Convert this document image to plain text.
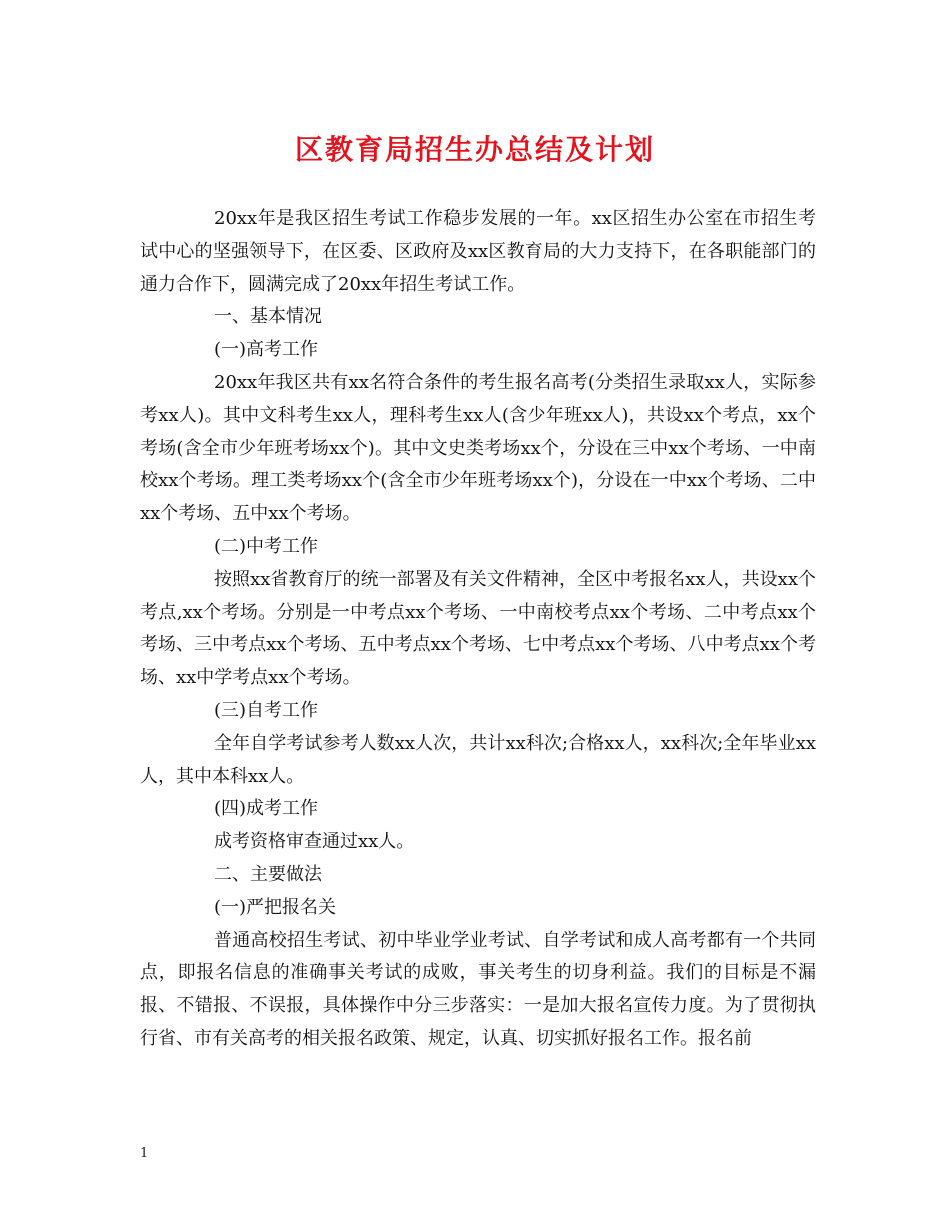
区教育局招生办总结及计划

20xx年是我区招生考试工作稳步发展的一年。xx区招生办公室在市招生考试中心的坚强领导下，在区委、区政府及xx区教育局的大力支持下，在各职能部门的通力合作下，圆满完成了20xx年招生考试工作。

一、基本情况

(一)高考工作

20xx年我区共有xx名符合条件的考生报名高考(分类招生录取xx人，实际参考xx人)。其中文科考生xx人，理科考生xx人(含少年班xx人)，共设xx个考点，xx个考场(含全市少年班考场xx个)。其中文史类考场xx个，分设在三中xx个考场、一中南校xx个考场。理工类考场xx个(含全市少年班考场xx个)，分设在一中xx个考场、二中xx个考场、五中xx个考场。

(二)中考工作

按照xx省教育厅的统一部署及有关文件精神，全区中考报名xx人，共设xx个考点,xx个考场。分别是一中考点xx个考场、一中南校考点xx个考场、二中考点xx个考场、三中考点xx个考场、五中考点xx个考场、七中考点xx个考场、八中考点xx个考场、xx中学考点xx个考场。

(三)自考工作

全年自学考试参考人数xx人次，共计xx科次;合格xx人，xx科次;全年毕业xx人，其中本科xx人。

(四)成考工作

成考资格审查通过xx人。

二、主要做法

(一)严把报名关

普通高校招生考试、初中毕业学业考试、自学考试和成人高考都有一个共同点，即报名信息的准确事关考试的成败，事关考生的切身利益。我们的目标是不漏报、不错报、不误报，具体操作中分三步落实：一是加大报名宣传力度。为了贯彻执行省、市有关高考的相关报名政策、规定，认真、切实抓好报名工作。报名前

1
